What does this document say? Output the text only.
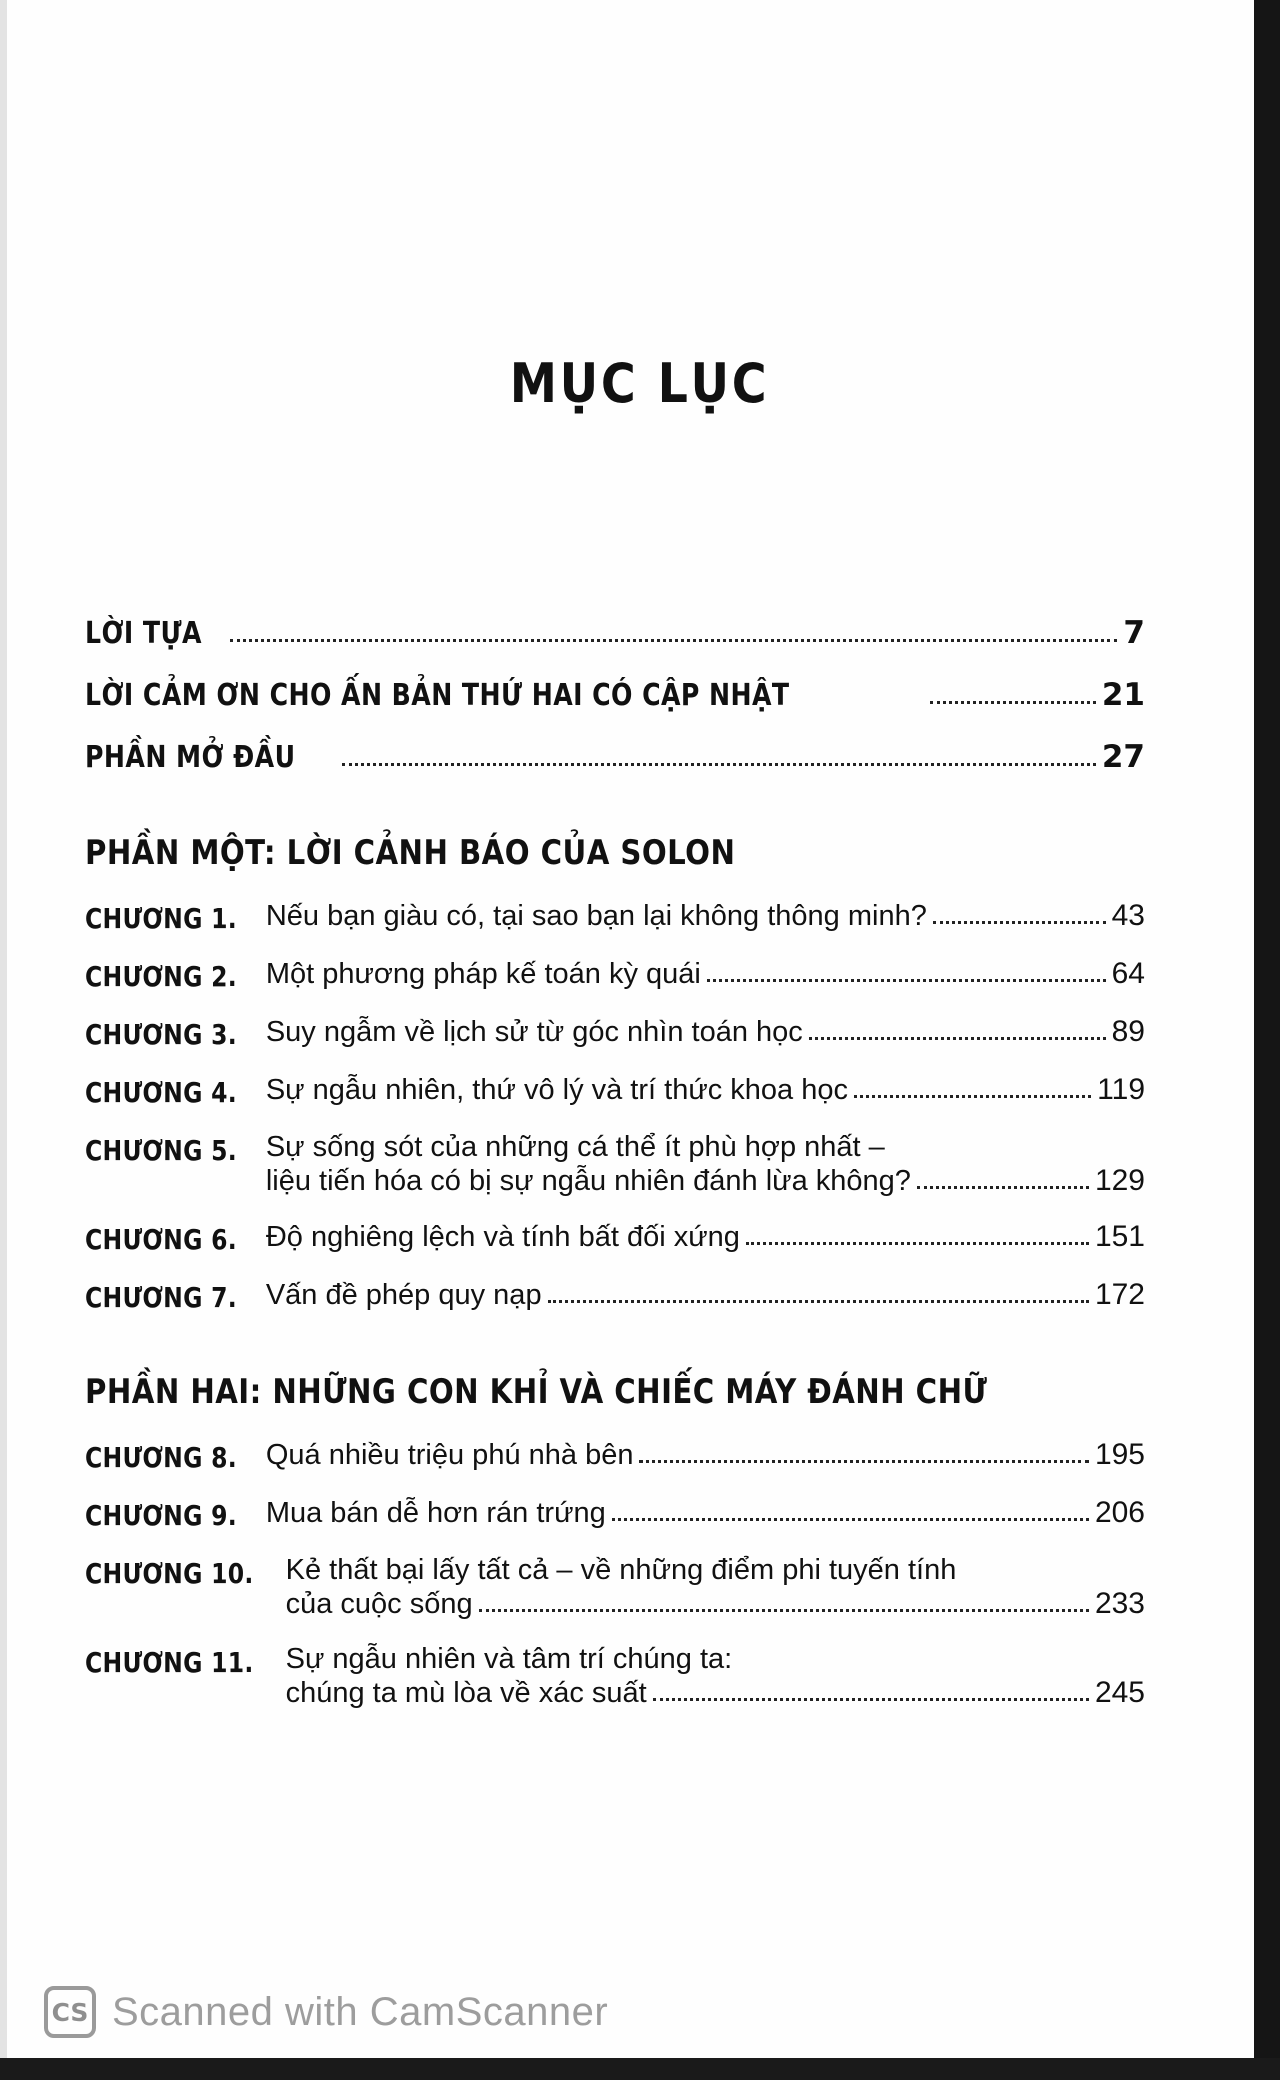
MỤC LỤC
LỜI TỰA	7
LỜI CẢM ƠN CHO ẤN BẢN THỨ HAI CÓ CẬP NHẬT	21
PHẦN MỞ ĐẦU	27
PHẦN MỘT: LỜI CẢNH BÁO CỦA SOLON
CHƯƠNG 1. Nếu bạn giàu có, tại sao bạn lại không thông minh?	43
CHƯƠNG 2. Một phương pháp kế toán kỳ quái	64
CHƯƠNG 3. Suy ngẫm về lịch sử từ góc nhìn toán học	89
CHƯƠNG 4. Sự ngẫu nhiên, thứ vô lý và trí thức khoa học	119
CHƯƠNG 5. Sự sống sót của những cá thể ít phù hợp nhất –
liệu tiến hóa có bị sự ngẫu nhiên đánh lừa không?	129
CHƯƠNG 6. Độ nghiêng lệch và tính bất đối xứng	151
CHƯƠNG 7. Vấn đề phép quy nạp	172
PHẦN HAI: NHỮNG CON KHỈ VÀ CHIẾC MÁY ĐÁNH CHỮ
CHƯƠNG 8. Quá nhiều triệu phú nhà bên	195
CHƯƠNG 9. Mua bán dễ hơn rán trứng	206
CHƯƠNG 10. Kẻ thất bại lấy tất cả – về những điểm phi tuyến tính
của cuộc sống	233
CHƯƠNG 11. Sự ngẫu nhiên và tâm trí chúng ta:
chúng ta mù lòa về xác suất	245
CS Scanned with CamScanner
